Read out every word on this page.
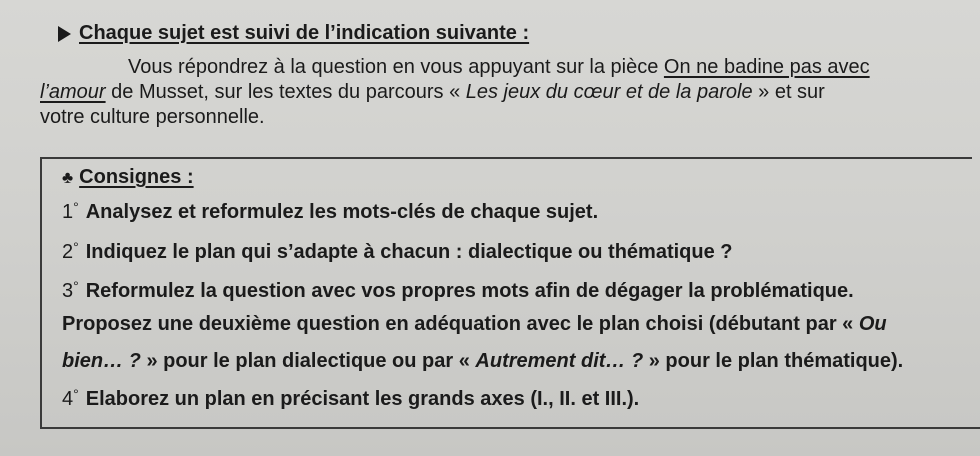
Chaque sujet est suivi de l’indication suivante :
Vous répondrez à la question en vous appuyant sur la pièce On ne badine pas avec
l’amour de Musset, sur les textes du parcours « Les jeux du cœur et de la parole » et sur
votre culture personnelle.
♣ Consignes :
1° Analysez et reformulez les mots-clés de chaque sujet.
2° Indiquez le plan qui s’adapte à chacun : dialectique ou thématique ?
3° Reformulez la question avec vos propres mots afin de dégager la problématique.
Proposez une deuxième question en adéquation avec le plan choisi (débutant par « Ou
bien… ? » pour le plan dialectique ou par « Autrement dit… ? » pour le plan thématique).
4° Elaborez un plan en précisant les grands axes (I., II. et III.).
